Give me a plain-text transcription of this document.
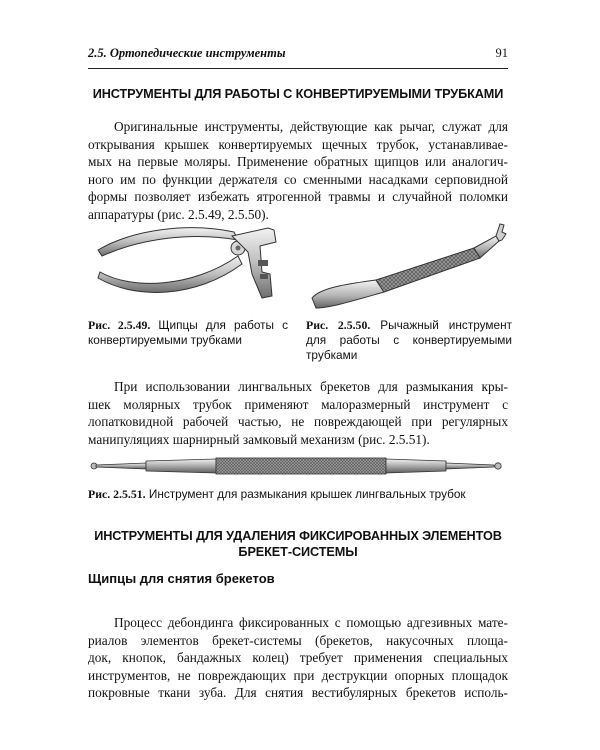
2.5. Ортопедические инструменты	91
ИНСТРУМЕНТЫ ДЛЯ РАБОТЫ С КОНВЕРТИРУЕМЫМИ ТРУБКАМИ
Оригинальные инструменты, действующие как рычаг, служат для
открывания крышек конвертируемых щечных трубок, устанавливае-
мых на первые моляры. Применение обратных щипцов или аналогич-
ного им по функции держателя со сменными насадками серповидной
формы позволяет избежать ятрогенной травмы и случайной поломки
аппаратуры (рис. 2.5.49, 2.5.50).
Рис. 2.5.49. Щипцы для работы с
конвертируемыми трубками
Рис. 2.5.50. Рычажный инструмент
для работы с конвертируемыми
трубками
При использовании лингвальных брекетов для размыкания кры-
шек молярных трубок применяют малоразмерный инструмент с
лопатковидной рабочей частью, не повреждающей при регулярных
манипуляциях шарнирный замковый механизм (рис. 2.5.51).
Рис. 2.5.51. Инструмент для размыкания крышек лингвальных трубок
ИНСТРУМЕНТЫ ДЛЯ УДАЛЕНИЯ ФИКСИРОВАННЫХ ЭЛЕМЕНТОВ
БРЕКЕТ-СИСТЕМЫ
Щипцы для снятия брекетов
Процесс дебондинга фиксированных с помощью адгезивных мате-
риалов элементов брекет-системы (брекетов, накусочных площа-
док, кнопок, бандажных колец) требует применения специальных
инструментов, не повреждающих при деструкции опорных площадок
покровные ткани зуба. Для снятия вестибулярных брекетов исполь-
